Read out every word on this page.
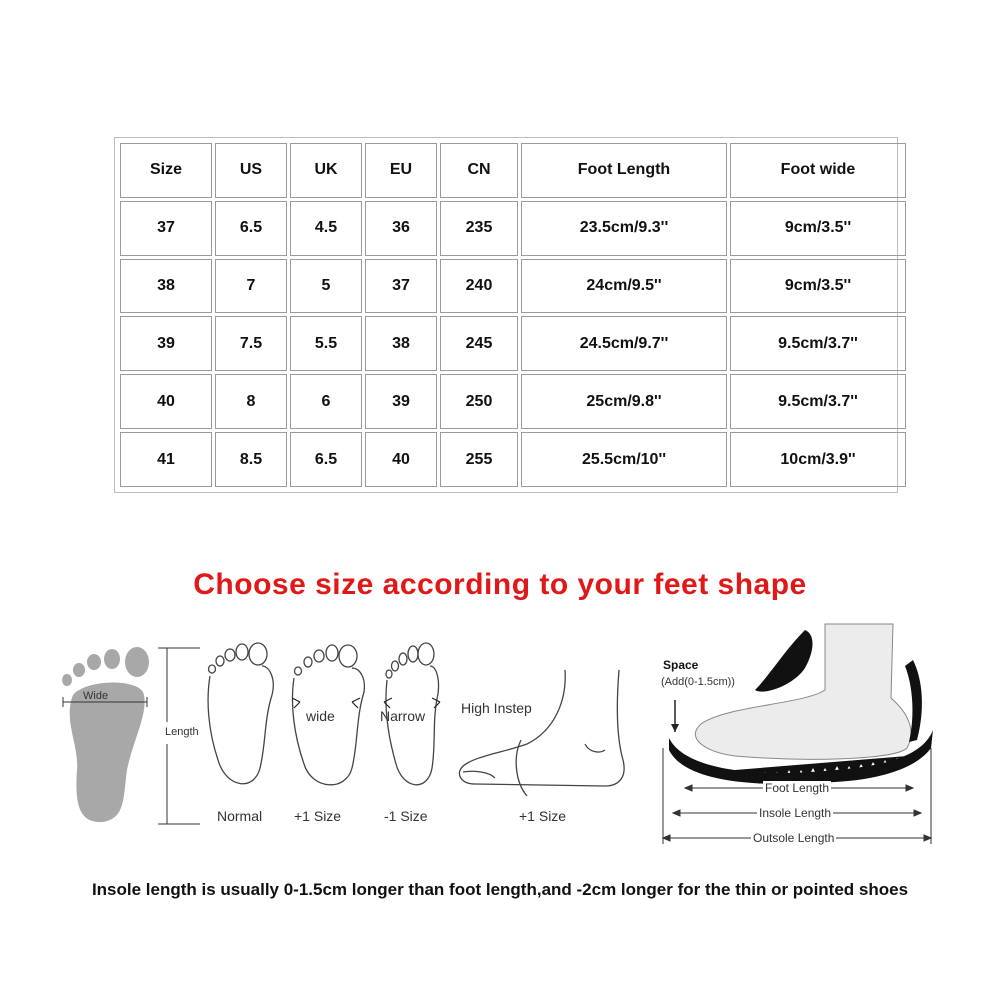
Size	US	UK	EU	CN	Foot Length	Foot wide
37	6.5	4.5	36	235	23.5cm/9.3''	9cm/3.5''
38	7	5	37	240	24cm/9.5''	9cm/3.5''
39	7.5	5.5	38	245	24.5cm/9.7''	9.5cm/3.7''
40	8	6	39	250	25cm/9.8''	9.5cm/3.7''
41	8.5	6.5	40	255	25.5cm/10''	10cm/3.9''
Choose size according to your feet shape
Wide
Length
Normal
wide
+1 Size
Narrow
-1 Size
High Instep
+1 Size
Space
(Add(0-1.5cm))
Foot Length
Insole Length
Outsole Length
Insole length is usually 0-1.5cm longer than foot length,and -2cm longer for the thin or pointed shoes
